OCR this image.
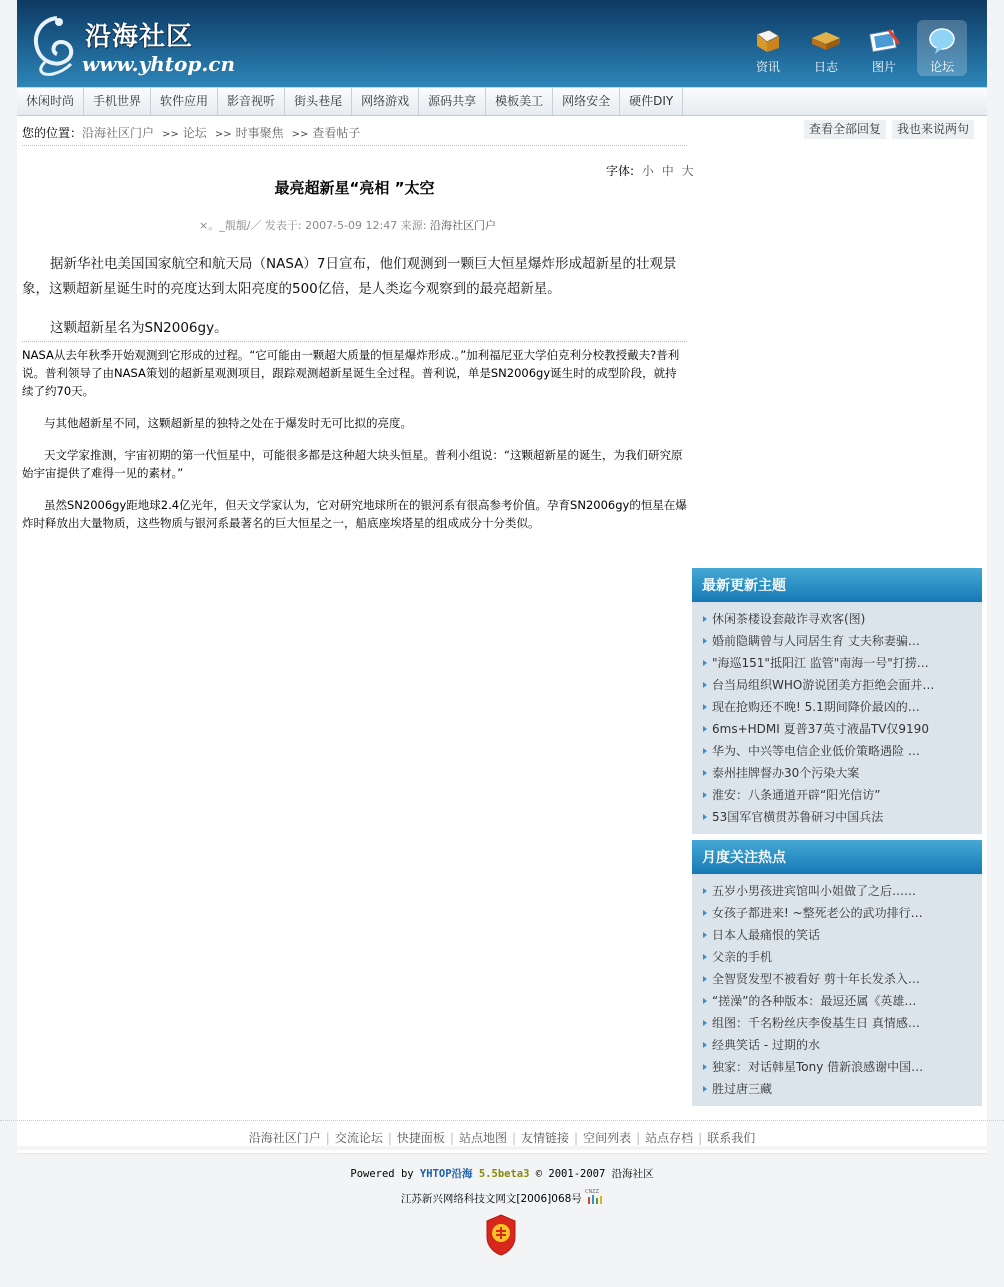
沿海社区
www.yhtop.cn	资讯	日志	图片	论坛
休闲时尚	手机世界	软件应用	影音视听	街头巷尾	网络游戏	源码共享	模板美工	网络安全	硬件DIY
您的位置：沿海社区门户 >> 论坛 >> 时事聚焦 >> 查看帖子	查看全部回复	我也来说两句
字体: 小 中 大
最亮超新星“亮相 ”太空
×。_靚靚/／ 发表于: 2007-5-09 12:47 来源: 沿海社区门户
据新华社电美国国家航空和航天局（NASA）7日宣布，他们观测到一颗巨大恒星爆炸形成超新星的壮观景象，这颗超新星诞生时的亮度达到太阳亮度的500亿倍，是人类迄今观察到的最亮超新星。
这颗超新星名为SN2006gy。

NASA从去年秋季开始观测到它形成的过程。“它可能由一颗超大质量的恒星爆炸形成.。”加利福尼亚大学伯克利分校教授戴夫?普利说。普利领导了由NASA策划的超新星观测项目，跟踪观测超新星诞生全过程。普利说，单是SN2006gy诞生时的成型阶段，就持续了约70天。

与其他超新星不同，这颗超新星的独特之处在于爆发时无可比拟的亮度。

天文学家推测，宇宙初期的第一代恒星中，可能很多都是这种超大块头恒星。普利小组说：“这颗超新星的诞生，为我们研究原始宇宙提供了难得一见的素材。”

虽然SN2006gy距地球2.4亿光年，但天文学家认为，它对研究地球所在的银河系有很高参考价值。孕育SN2006gy的恒星在爆炸时释放出大量物质，这些物质与银河系最著名的巨大恒星之一，船底座埃塔星的组成成分十分类似。

最新更新主题
休闲茶楼设套敲诈寻欢客(图)
婚前隐瞒曾与人同居生育 丈夫称妻骗…
"海巡151"抵阳江 监管"南海一号"打捞…
台当局组织WHO游说团美方拒绝会面并…
现在抢购还不晚! 5.1期间降价最凶的…
6ms+HDMI 夏普37英寸液晶TV仅9190
华为、中兴等电信企业低价策略遇险 …
泰州挂牌督办30个污染大案
淮安：八条通道开辟“阳光信访”
53国军官横贯苏鲁研习中国兵法
月度关注热点
五岁小男孩进宾馆叫小姐做了之后……
女孩子都进来! ~整死老公的武功排行…
日本人最痛恨的笑话
父亲的手机
全智贤发型不被看好 剪十年长发杀入…
“搓澡”的各种版本：最逗还属《英雄…
组图：千名粉丝庆李俊基生日 真情感…
经典笑话 - 过期的水
独家：对话韩星Tony 借新浪感谢中国…
胜过唐三藏
沿海社区门户 | 交流论坛 | 快捷面板 | 站点地图 | 友情链接 | 空间列表 | 站点存档 | 联系我们
Powered by YHTOP沿海 5.5beta3 © 2001-2007 沿海社区
江苏新兴网络科技文网文[2006]068号
CNZZ
